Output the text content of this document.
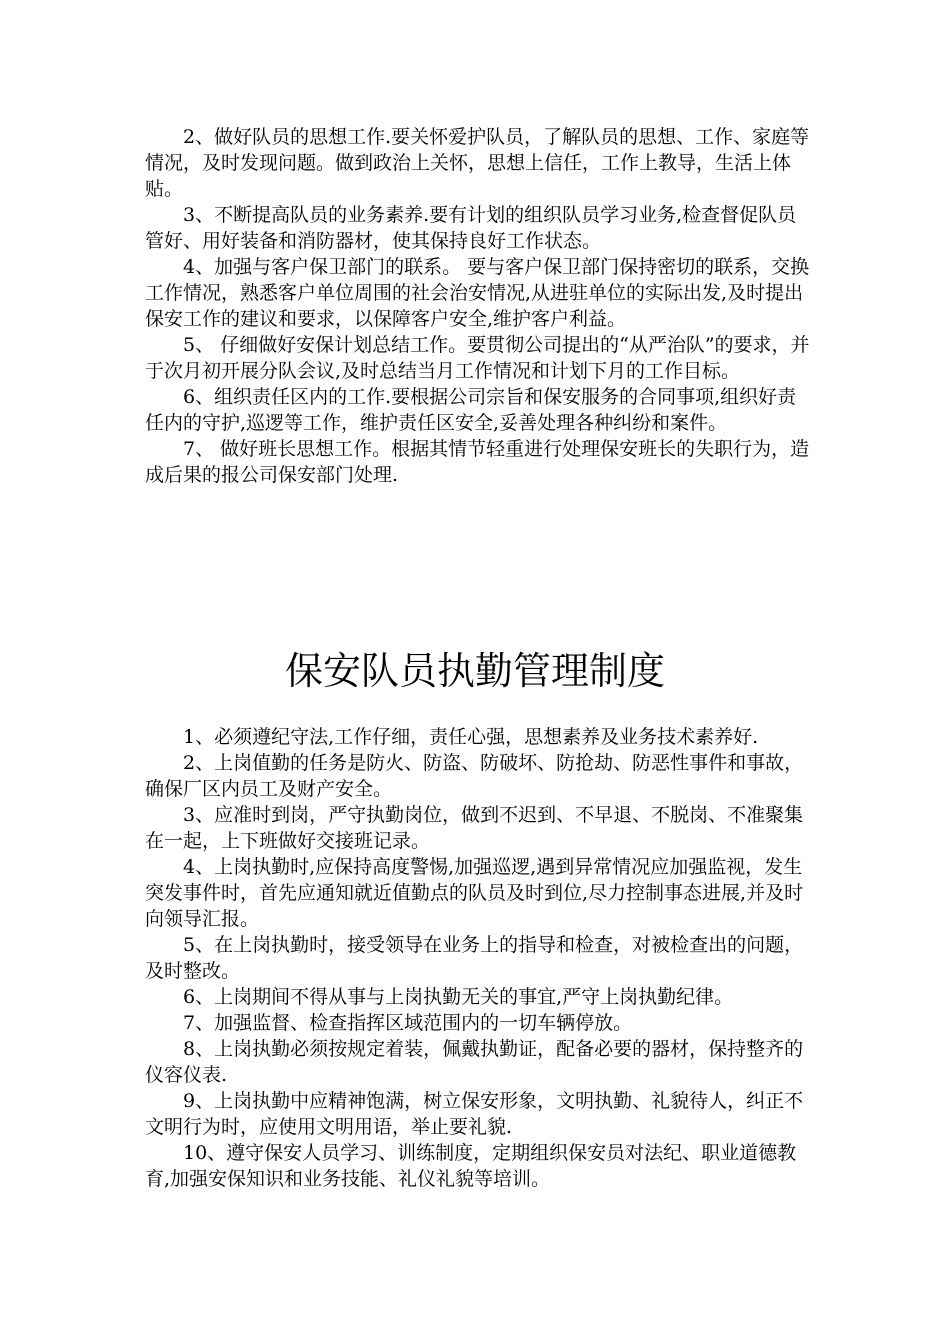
2、做好队员的思想工作.要关怀爱护队员，了解队员的思想、工作、家庭等情况，及时发现问题。做到政治上关怀，思想上信任，工作上教导，生活上体贴。

3、不断提高队员的业务素养.要有计划的组织队员学习业务,检查督促队员管好、用好装备和消防器材，使其保持良好工作状态。

4、加强与客户保卫部门的联系。 要与客户保卫部门保持密切的联系，交换工作情况，熟悉客户单位周围的社会治安情况,从进驻单位的实际出发,及时提出保安工作的建议和要求，以保障客户安全,维护客户利益。

5、 仔细做好安保计划总结工作。要贯彻公司提出的“从严治队”的要求，并于次月初开展分队会议,及时总结当月工作情况和计划下月的工作目标。

6、组织责任区内的工作.要根据公司宗旨和保安服务的合同事项,组织好责任内的守护,巡逻等工作，维护责任区安全,妥善处理各种纠纷和案件。

7、 做好班长思想工作。根据其情节轻重进行处理保安班长的失职行为，造成后果的报公司保安部门处理.

保安队员执勤管理制度

1、必须遵纪守法,工作仔细，责任心强，思想素养及业务技术素养好.

2、上岗值勤的任务是防火、防盗、防破坏、防抢劫、防恶性事件和事故，确保厂区内员工及财产安全。

3、应准时到岗，严守执勤岗位，做到不迟到、不早退、不脱岗、不准聚集在一起，上下班做好交接班记录。

4、上岗执勤时,应保持高度警惕,加强巡逻,遇到异常情况应加强监视，发生突发事件时，首先应通知就近值勤点的队员及时到位,尽力控制事态进展,并及时向领导汇报。

5、在上岗执勤时，接受领导在业务上的指导和检查，对被检查出的问题，及时整改。

6、上岗期间不得从事与上岗执勤无关的事宜,严守上岗执勤纪律。

7、加强监督、检查指挥区域范围内的一切车辆停放。

8、上岗执勤必须按规定着装，佩戴执勤证，配备必要的器材，保持整齐的仪容仪表.

9、上岗执勤中应精神饱满，树立保安形象，文明执勤、礼貌待人，纠正不文明行为时，应使用文明用语，举止要礼貌.

10、遵守保安人员学习、训练制度，定期组织保安员对法纪、职业道德教育,加强安保知识和业务技能、礼仪礼貌等培训。
